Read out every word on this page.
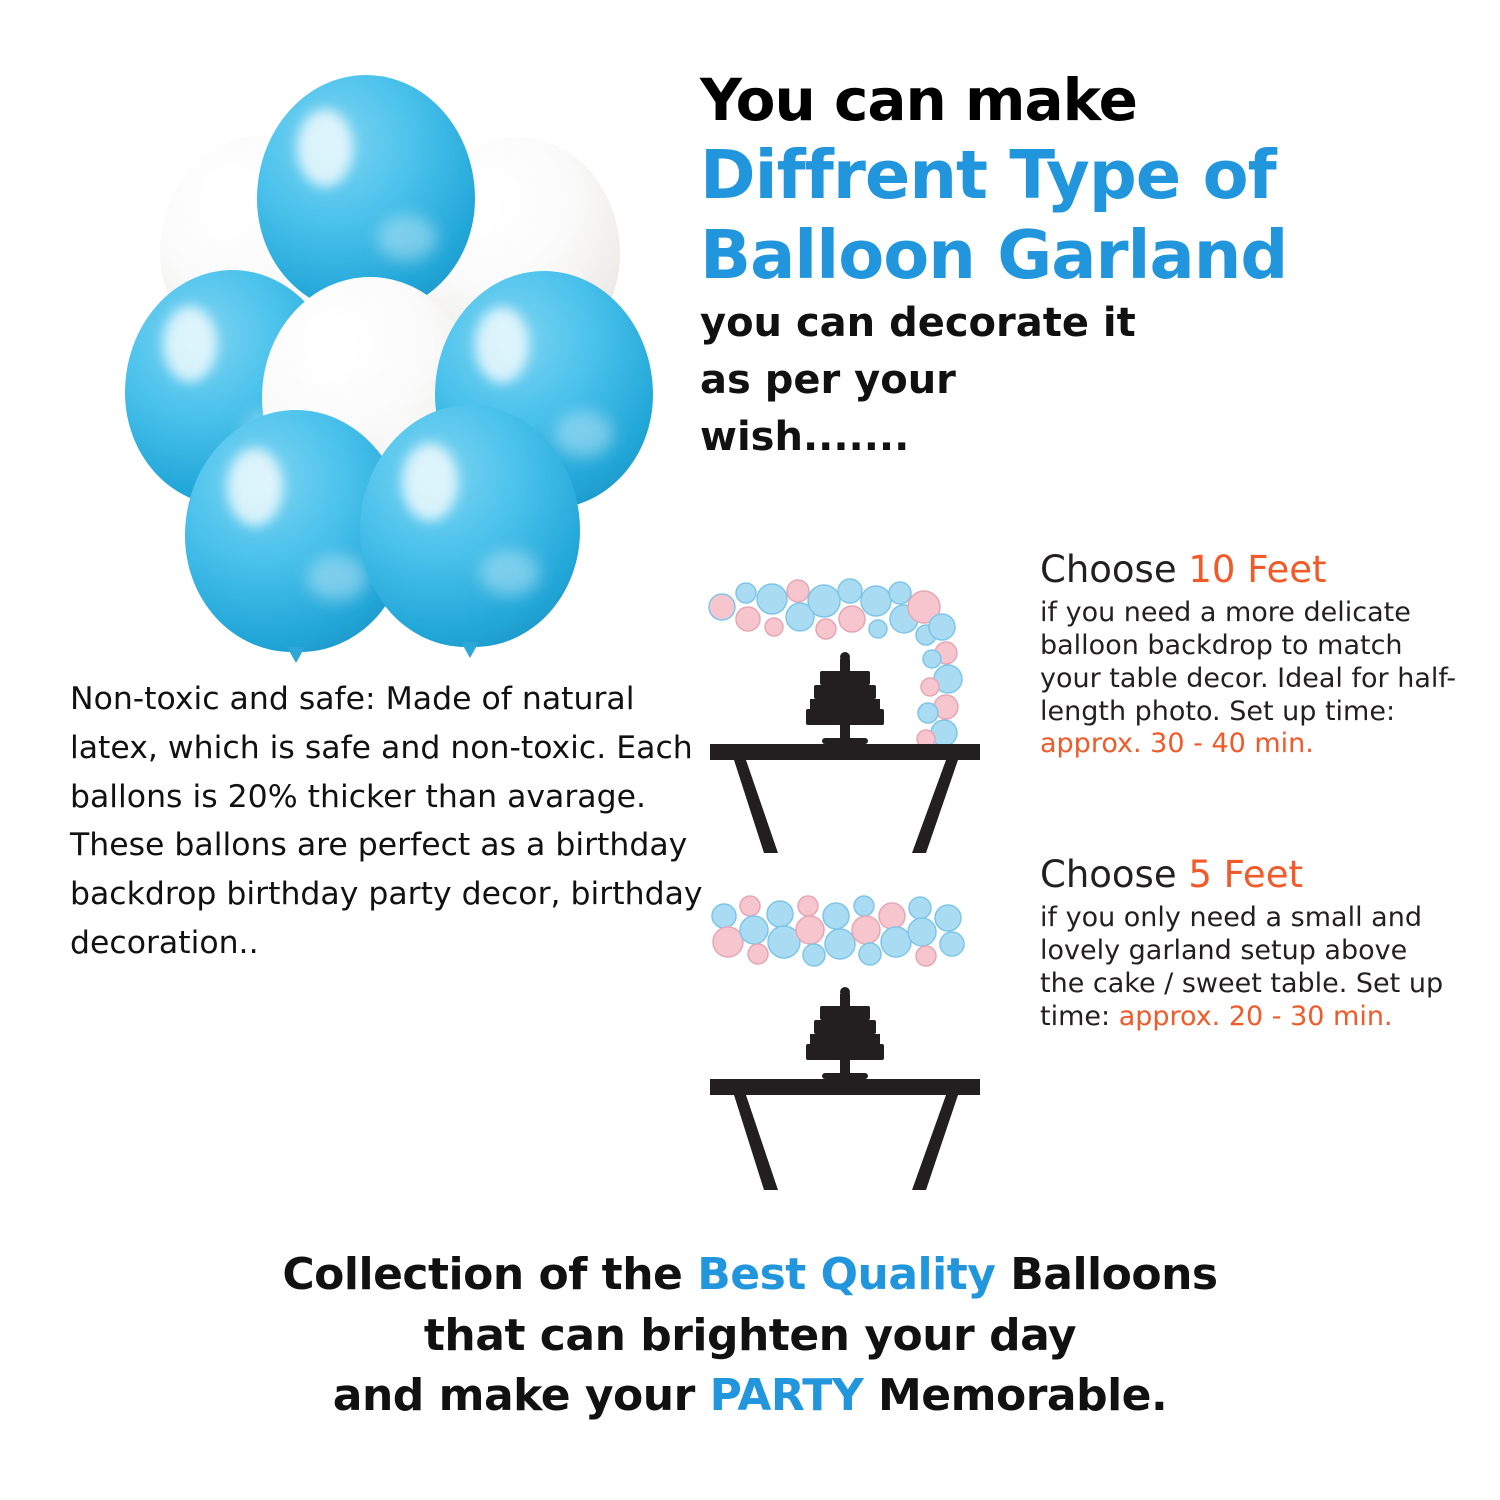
You can make
Diffrent Type of
Balloon Garland
you can decorate it
as per your
wish.......

Non-toxic and safe: Made of natural latex, which is safe and non-toxic. Each ballons is 20% thicker than avarage. These ballons are perfect as a birthday backdrop birthday party decor, birthday decoration..

Choose 10 Feet
if you need a more delicate balloon backdrop to match your table decor. Ideal for half-length photo. Set up time: approx. 30 - 40 min.
Choose 5 Feet
if you only need a small and lovely garland setup above the cake / sweet table. Set up time: approx. 20 - 30 min.
Collection of the Best Quality Balloons
that can brighten your day
and make your PARTY Memorable.
